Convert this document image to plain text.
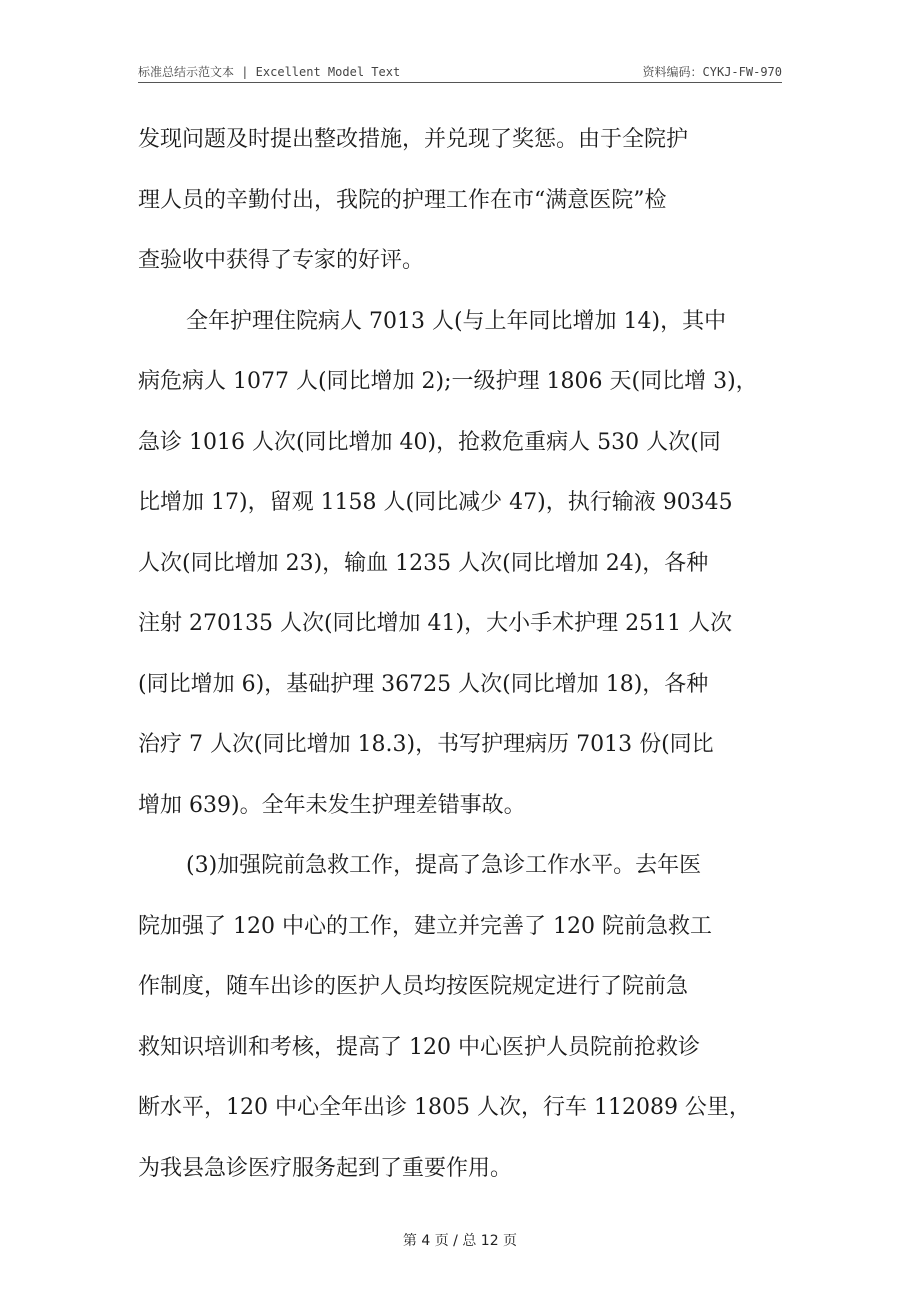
标准总结示范文本 | Excellent Model Text	资料编码：CYKJ-FW-970
发现问题及时提出整改措施，并兑现了奖惩。由于全院护
理人员的辛勤付出，我院的护理工作在市“满意医院”检
查验收中获得了专家的好评。
全年护理住院病人 7013 人(与上年同比增加 14)，其中
病危病人 1077 人(同比增加 2);一级护理 1806 天(同比增 3)，
急诊 1016 人次(同比增加 40)，抢救危重病人 530 人次(同
比增加 17)，留观 1158 人(同比减少 47)，执行输液 90345
人次(同比增加 23)，输血 1235 人次(同比增加 24)，各种
注射 270135 人次(同比增加 41)，大小手术护理 2511 人次
(同比增加 6)，基础护理 36725 人次(同比增加 18)，各种
治疗 7 人次(同比增加 18.3)，书写护理病历 7013 份(同比
增加 639)。全年未发生护理差错事故。
(3)加强院前急救工作，提高了急诊工作水平。去年医
院加强了 120 中心的工作，建立并完善了 120 院前急救工
作制度，随车出诊的医护人员均按医院规定进行了院前急
救知识培训和考核，提高了 120 中心医护人员院前抢救诊
断水平，120 中心全年出诊 1805 人次，行车 112089 公里，
为我县急诊医疗服务起到了重要作用。
第 4 页 / 总 12 页
